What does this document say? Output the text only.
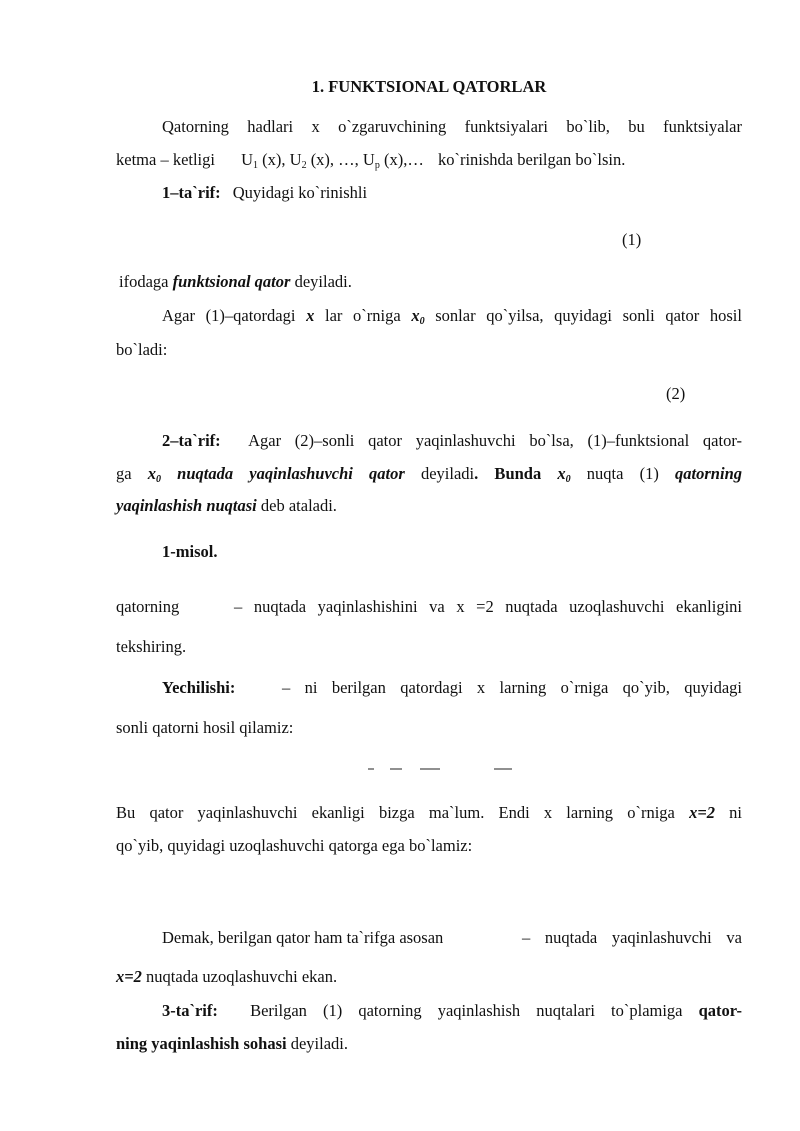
1. FUNKTSIONAL QATORLAR
Qatorning hadlari x o`zgaruvchining funktsiyalari bo`lib, bu funktsiyalar
ketma – ketligi $U_1$ (x), $U_2$ (x), …, $U_p$ (x),… ko`rinishda berilgan bo`lsin.
1–ta`rif: Quyidagi ko`rinishli
(1)
ifodaga funktsional qator deyiladi.
Agar (1)–qatordagi x lar o`rniga $x_0$ sonlar qo`yilsa, quyidagi sonli qator hosil
bo`ladi:
(2)
2–ta`rif: Agar (2)–sonli qator yaqinlashuvchi bo`lsa, (1)–funktsional qator-
ga $x_0$ nuqtada yaqinlashuvchi qator deyiladi. Bunda $x_0$ nuqta (1) qatorning
yaqinlashish nuqtasi deb ataladi.
1-misol.
qatorning	– nuqtada yaqinlashishini va x =2 nuqtada uzoqlashuvchi ekanligini
tekshiring.
Yechilishi:	– ni berilgan qatordagi x larning o`rniga qo`yib, quyidagi
sonli qatorni hosil qilamiz:
Bu qator yaqinlashuvchi ekanligi bizga ma`lum. Endi x larning o`rniga x=2 ni
qo`yib, quyidagi uzoqlashuvchi qatorga ega bo`lamiz:
Demak, berilgan qator ham ta`rifga asosan	– nuqtada yaqinlashuvchi va
x=2 nuqtada uzoqlashuvchi ekan.
3-ta`rif: Berilgan (1) qatorning yaqinlashish nuqtalari to`plamiga qator-
ning yaqinlashish sohasi deyiladi.
